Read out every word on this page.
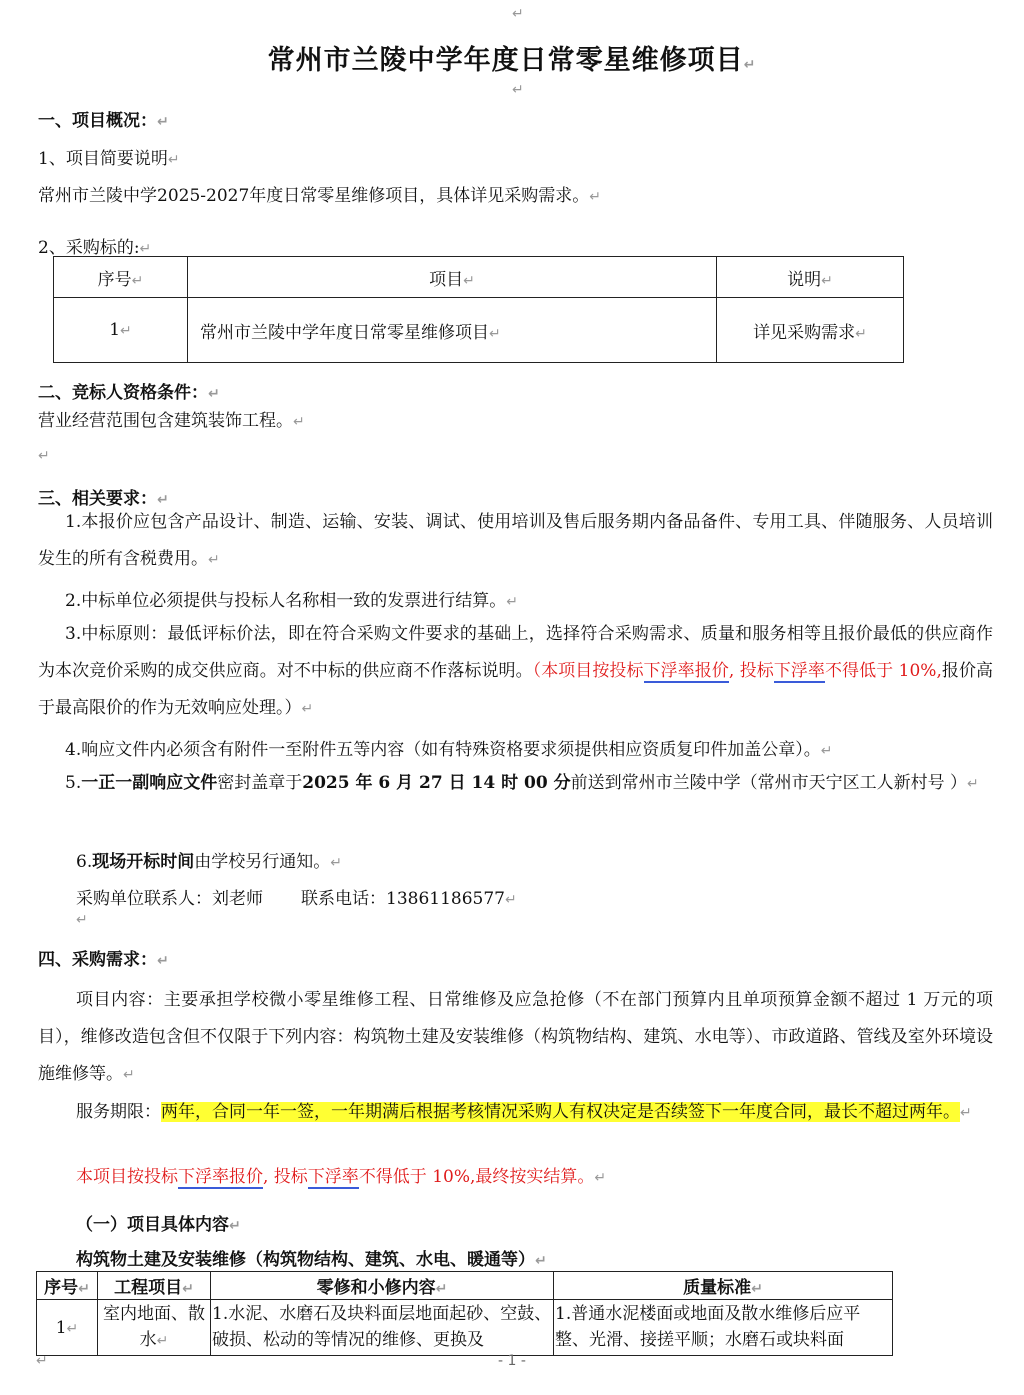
↵
常州市兰陵中学年度日常零星维修项目↵
↵
一、项目概况：↵
1、项目简要说明↵
常州市兰陵中学2025-2027年度日常零星维修项目，具体详见采购需求。↵
2、采购标的:↵
序号↵	项目↵	说明↵
1↵	常州市兰陵中学年度日常零星维修项目↵	详见采购需求↵
二、竞标人资格条件：↵
营业经营范围包含建筑装饰工程。↵
↵
三、相关要求：↵
1.本报价应包含产品设计、制造、运输、安装、调试、使用培训及售后服务期内备品备件、专用工具、伴随服务、人员培训发生的所有含税费用。↵
2.中标单位必须提供与投标人名称相一致的发票进行结算。↵
3.中标原则：最低评标价法，即在符合采购文件要求的基础上，选择符合采购需求、质量和服务相等且报价最低的供应商作为本次竞价采购的成交供应商。对不中标的供应商不作落标说明。（本项目按投标下浮率报价, 投标下浮率不得低于 10%,报价高于最高限价的作为无效响应处理。）↵
4.响应文件内必须含有附件一至附件五等内容（如有特殊资格要求须提供相应资质复印件加盖公章）。↵
5.一正一副响应文件密封盖章于2025 年 6 月 27 日 14 时 00 分前送到常州市兰陵中学（常州市天宁区工人新村号 ）↵
6.现场开标时间由学校另行通知。↵
采购单位联系人：刘老师 联系电话：13861186577↵
↵
四、采购需求：↵
项目内容：主要承担学校微小零星维修工程、日常维修及应急抢修（不在部门预算内且单项预算金额不超过 1 万元的项目），维修改造包含但不仅限于下列内容：构筑物土建及安装维修（构筑物结构、建筑、水电等）、市政道路、管线及室外环境设施维修等。↵
服务期限：两年，合同一年一签，一年期满后根据考核情况采购人有权决定是否续签下一年度合同，最长不超过两年。↵
本项目按投标下浮率报价, 投标下浮率不得低于 10%,最终按实结算。↵
（一）项目具体内容↵
构筑物土建及安装维修（构筑物结构、建筑、水电、暖通等）↵
序号↵	工程项目↵	零修和小修内容↵	质量标准↵
1↵	室内地面、散水↵	1.水泥、水磨石及块料面层地面起砂、空鼓、破损、松动的等情况的维修、更换及	1.普通水泥楼面或地面及散水维修后应平整、光滑、接搓平顺；水磨石或块料面
↵	- 1 -
